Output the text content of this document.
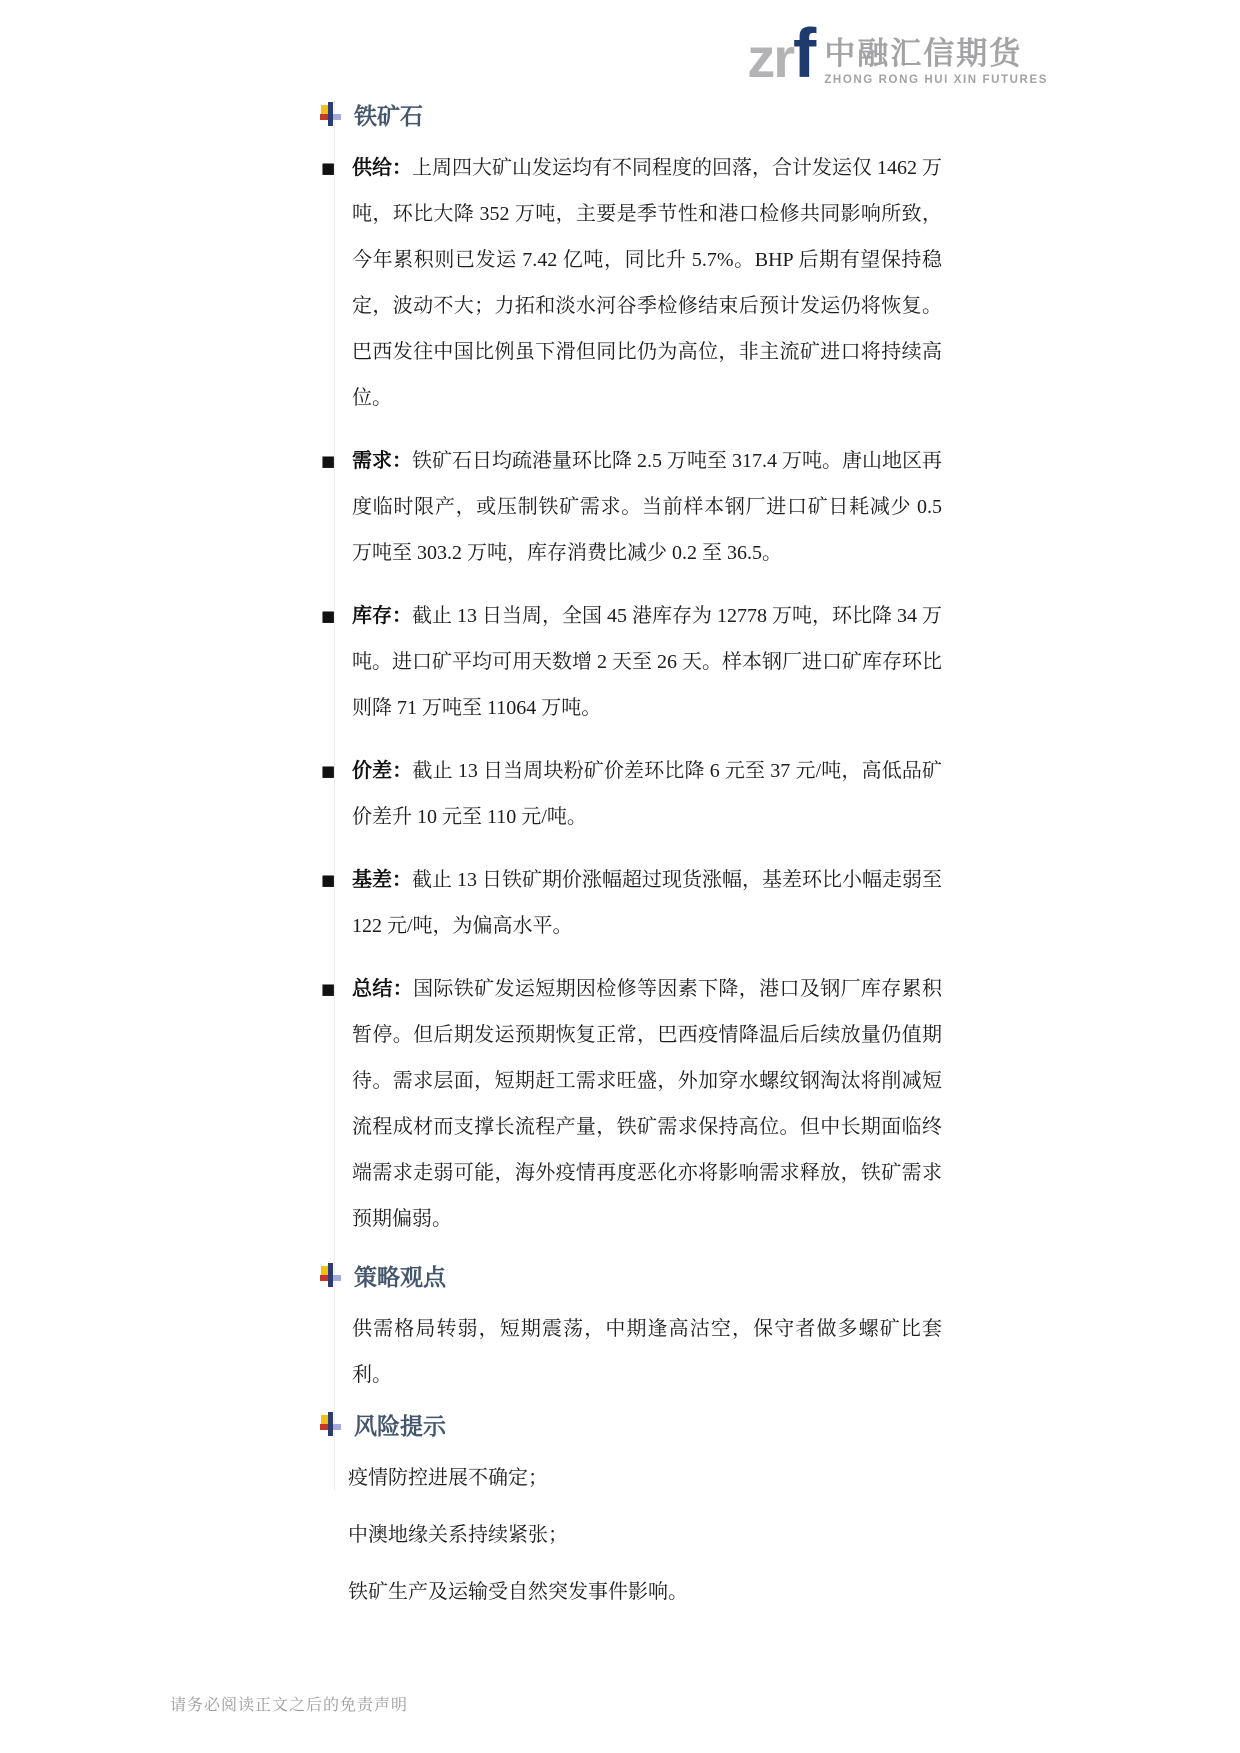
zrf 中融汇信期货
ZHONG RONG HUI XIN FUTURES
铁矿石
■ 供给：上周四大矿山发运均有不同程度的回落，合计发运仅 1462 万吨，环比大降 352 万吨，主要是季节性和港口检修共同影响所致，今年累积则已发运 7.42 亿吨，同比升 5.7%。BHP 后期有望保持稳定，波动不大；力拓和淡水河谷季检修结束后预计发运仍将恢复。巴西发往中国比例虽下滑但同比仍为高位，非主流矿进口将持续高位。
■ 需求：铁矿石日均疏港量环比降 2.5 万吨至 317.4 万吨。唐山地区再度临时限产，或压制铁矿需求。当前样本钢厂进口矿日耗减少 0.5 万吨至 303.2 万吨，库存消费比减少 0.2 至 36.5。
■ 库存：截止 13 日当周，全国 45 港库存为 12778 万吨，环比降 34 万吨。进口矿平均可用天数增 2 天至 26 天。样本钢厂进口矿库存环比则降 71 万吨至 11064 万吨。
■ 价差：截止 13 日当周块粉矿价差环比降 6 元至 37 元/吨，高低品矿价差升 10 元至 110 元/吨。
■ 基差：截止 13 日铁矿期价涨幅超过现货涨幅，基差环比小幅走弱至 122 元/吨，为偏高水平。
■ 总结：国际铁矿发运短期因检修等因素下降，港口及钢厂库存累积暂停。但后期发运预期恢复正常，巴西疫情降温后后续放量仍值期待。需求层面，短期赶工需求旺盛，外加穿水螺纹钢淘汰将削减短流程成材而支撑长流程产量，铁矿需求保持高位。但中长期面临终端需求走弱可能，海外疫情再度恶化亦将影响需求释放，铁矿需求预期偏弱。
策略观点

供需格局转弱，短期震荡，中期逢高沽空，保守者做多螺矿比套利。

风险提示

疫情防控进展不确定；

中澳地缘关系持续紧张；

铁矿生产及运输受自然突发事件影响。

请务必阅读正文之后的免责声明
